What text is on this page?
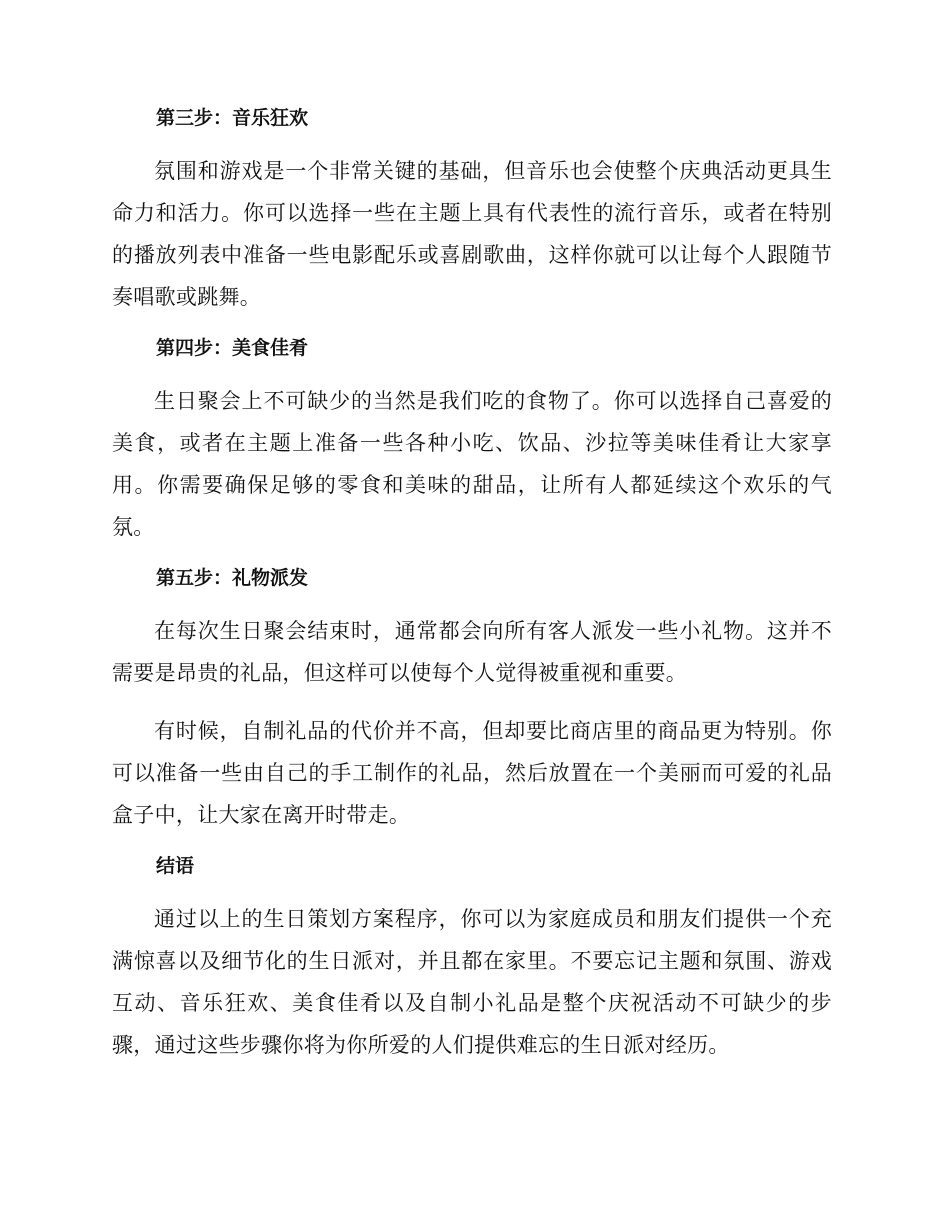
第三步：音乐狂欢

氛围和游戏是一个非常关键的基础，但音乐也会使整个庆典活动更具生命力和活力。你可以选择一些在主题上具有代表性的流行音乐，或者在特别的播放列表中准备一些电影配乐或喜剧歌曲，这样你就可以让每个人跟随节奏唱歌或跳舞。

第四步：美食佳肴

生日聚会上不可缺少的当然是我们吃的食物了。你可以选择自己喜爱的美食，或者在主题上准备一些各种小吃、饮品、沙拉等美味佳肴让大家享用。你需要确保足够的零食和美味的甜品，让所有人都延续这个欢乐的气氛。

第五步：礼物派发

在每次生日聚会结束时，通常都会向所有客人派发一些小礼物。这并不需要是昂贵的礼品，但这样可以使每个人觉得被重视和重要。

有时候，自制礼品的代价并不高，但却要比商店里的商品更为特别。你可以准备一些由自己的手工制作的礼品，然后放置在一个美丽而可爱的礼品盒子中，让大家在离开时带走。

结语

通过以上的生日策划方案程序，你可以为家庭成员和朋友们提供一个充满惊喜以及细节化的生日派对，并且都在家里。不要忘记主题和氛围、游戏互动、音乐狂欢、美食佳肴以及自制小礼品是整个庆祝活动不可缺少的步骤，通过这些步骤你将为你所爱的人们提供难忘的生日派对经历。
